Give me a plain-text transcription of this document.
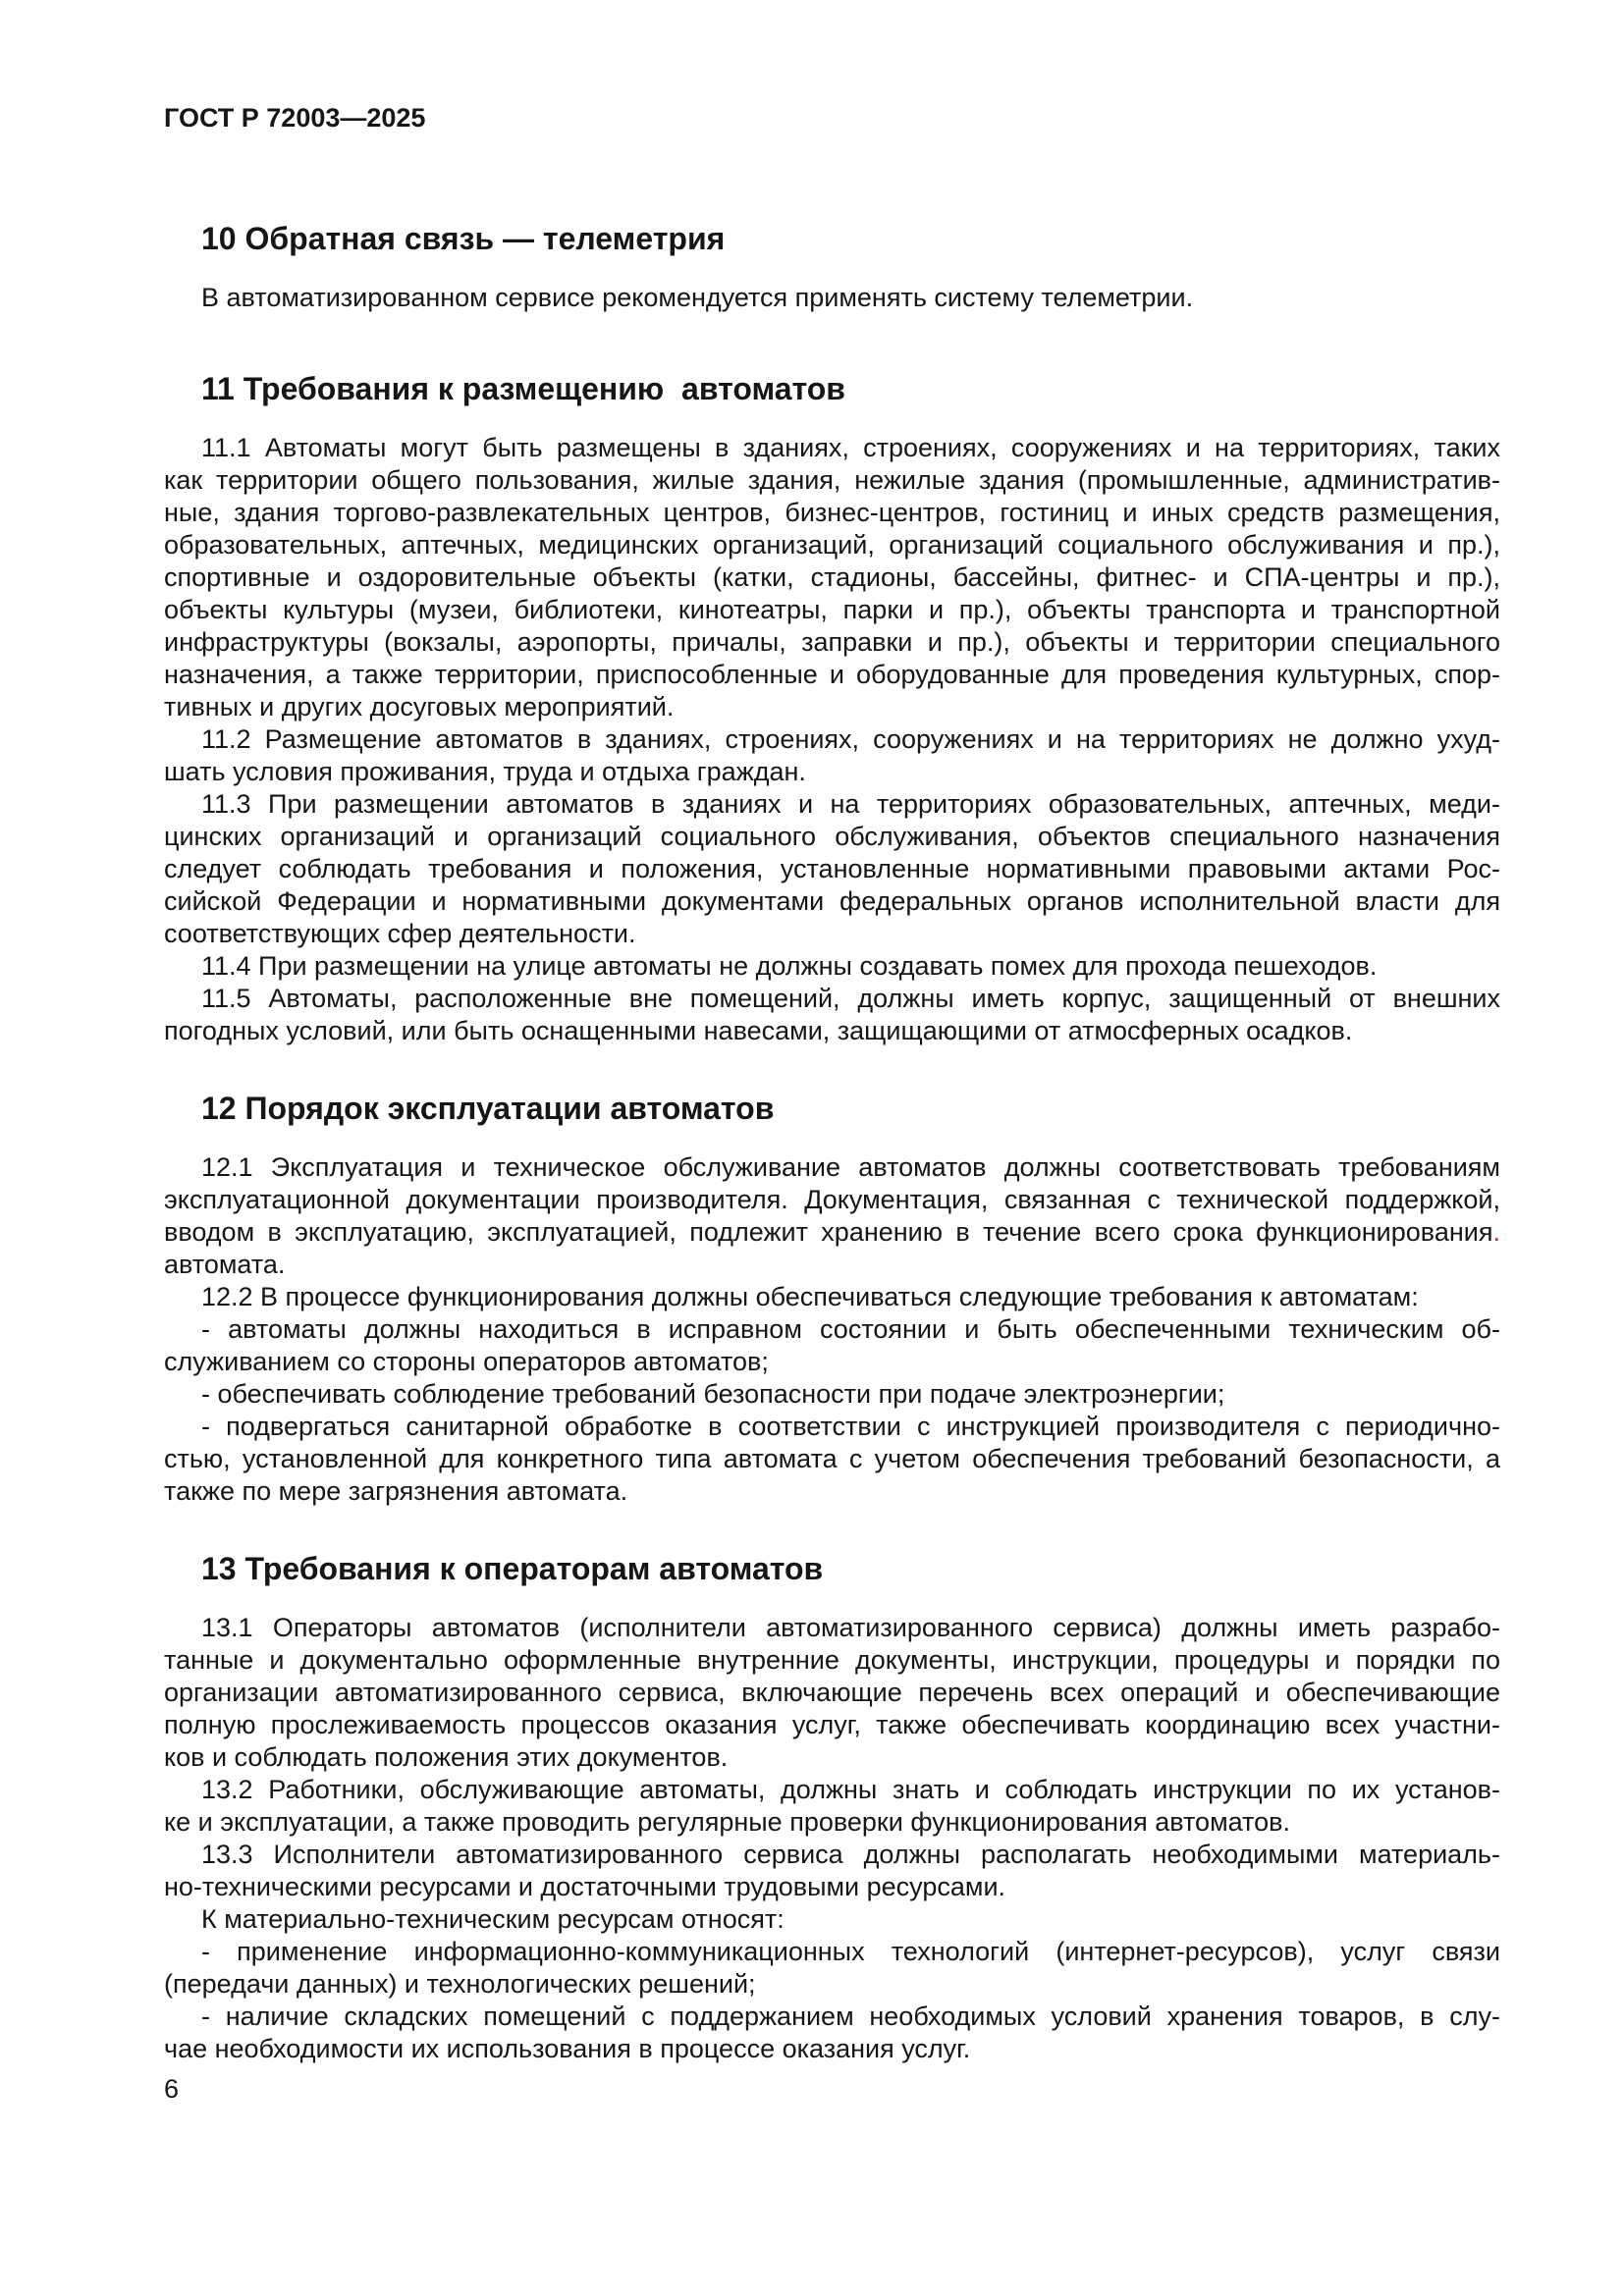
ГОСТ Р 72003—2025
10 Обратная связь — телеметрия
В автоматизированном сервисе рекомендуется применять систему телеметрии.
11 Требования к размещению  автоматов
11.1 Автоматы могут быть размещены в зданиях, строениях, сооружениях и на территориях, таких
как территории общего пользования, жилые здания, нежилые здания (промышленные, административ-
ные, здания торгово-развлекательных центров, бизнес-центров, гостиниц и иных средств размещения,
образовательных, аптечных, медицинских организаций, организаций социального обслуживания и пр.),
спортивные и оздоровительные объекты (катки, стадионы, бассейны, фитнес- и СПА-центры и пр.),
объекты культуры (музеи, библиотеки, кинотеатры, парки и пр.), объекты транспорта и транспортной
инфраструктуры (вокзалы, аэропорты, причалы, заправки и пр.), объекты и территории специального
назначения, а также территории, приспособленные и оборудованные для проведения культурных, спор-
тивных и других досуговых мероприятий.
11.2 Размещение автоматов в зданиях, строениях, сооружениях и на территориях не должно ухуд-
шать условия проживания, труда и отдыха граждан.
11.3 При размещении автоматов в зданиях и на территориях образовательных, аптечных, меди-
цинских организаций и организаций социального обслуживания, объектов специального назначения
следует соблюдать требования и положения, установленные нормативными правовыми актами Рос-
сийской Федерации и нормативными документами федеральных органов исполнительной власти для
соответствующих сфер деятельности.
11.4 При размещении на улице автоматы не должны создавать помех для прохода пешеходов.
11.5 Автоматы, расположенные вне помещений, должны иметь корпус, защищенный от внешних
погодных условий, или быть оснащенными навесами, защищающими от атмосферных осадков.
12 Порядок эксплуатации автоматов
12.1 Эксплуатация и техническое обслуживание автоматов должны соответствовать требованиям
эксплуатационной документации производителя. Документация, связанная с технической поддержкой,
вводом в эксплуатацию, эксплуатацией, подлежит хранению в течение всего срока функционирования.
автомата.
12.2 В процессе функционирования должны обеспечиваться следующие требования к автоматам:
- автоматы должны находиться в исправном состоянии и быть обеспеченными техническим об-
служиванием со стороны операторов автоматов;
- обеспечивать соблюдение требований безопасности при подаче электроэнергии;
- подвергаться санитарной обработке в соответствии с инструкцией производителя с периодично-
стью, установленной для конкретного типа автомата с учетом обеспечения требований безопасности, а
также по мере загрязнения автомата.
13 Требования к операторам автоматов
13.1 Операторы автоматов (исполнители автоматизированного сервиса) должны иметь разрабо-
танные и документально оформленные внутренние документы, инструкции, процедуры и порядки по
организации автоматизированного сервиса, включающие перечень всех операций и обеспечивающие
полную прослеживаемость процессов оказания услуг, также обеспечивать координацию всех участни-
ков и соблюдать положения этих документов.
13.2 Работники, обслуживающие автоматы, должны знать и соблюдать инструкции по их установ-
ке и эксплуатации, а также проводить регулярные проверки функционирования автоматов.
13.3 Исполнители автоматизированного сервиса должны располагать необходимыми материаль-
но-техническими ресурсами и достаточными трудовыми ресурсами.
К материально-техническим ресурсам относят:
- применение информационно-коммуникационных технологий (интернет-ресурсов), услуг связи
(передачи данных) и технологических решений;
- наличие складских помещений с поддержанием необходимых условий хранения товаров, в слу-
чае необходимости их использования в процессе оказания услуг.
6
